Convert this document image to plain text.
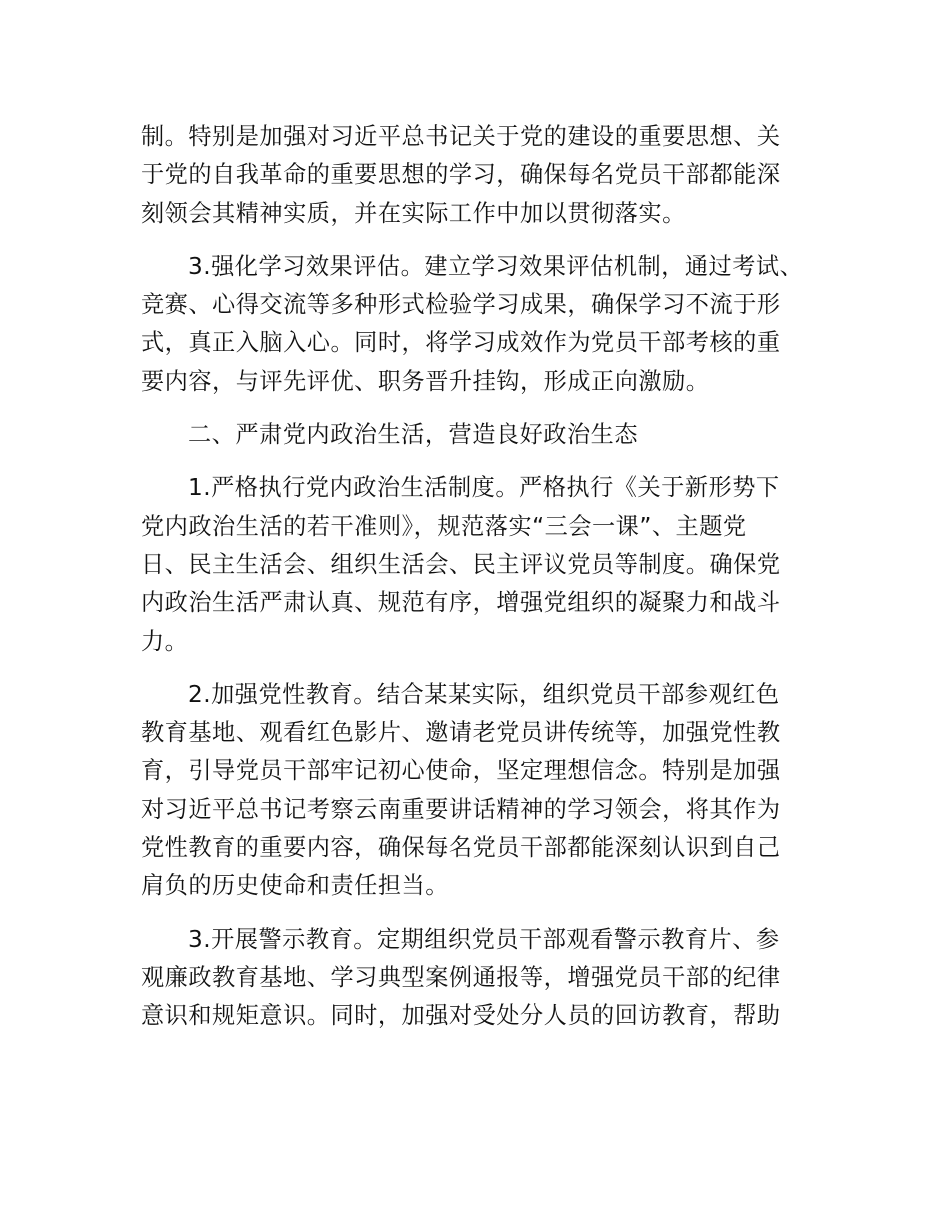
制。特别是加强对习近平总书记关于党的建设的重要思想、关
于党的自我革命的重要思想的学习，确保每名党员干部都能深
刻领会其精神实质，并在实际工作中加以贯彻落实。

3.强化学习效果评估。建立学习效果评估机制，通过考试、
竞赛、心得交流等多种形式检验学习成果，确保学习不流于形
式，真正入脑入心。同时，将学习成效作为党员干部考核的重
要内容，与评先评优、职务晋升挂钩，形成正向激励。

二、严肃党内政治生活，营造良好政治生态

1.严格执行党内政治生活制度。严格执行《关于新形势下
党内政治生活的若干准则》，规范落实“三会一课”、主题党
日、民主生活会、组织生活会、民主评议党员等制度。确保党
内政治生活严肃认真、规范有序，增强党组织的凝聚力和战斗
力。

2.加强党性教育。结合某某实际，组织党员干部参观红色
教育基地、观看红色影片、邀请老党员讲传统等，加强党性教
育，引导党员干部牢记初心使命，坚定理想信念。特别是加强
对习近平总书记考察云南重要讲话精神的学习领会，将其作为
党性教育的重要内容，确保每名党员干部都能深刻认识到自己
肩负的历史使命和责任担当。

3.开展警示教育。定期组织党员干部观看警示教育片、参
观廉政教育基地、学习典型案例通报等，增强党员干部的纪律
意识和规矩意识。同时，加强对受处分人员的回访教育，帮助
